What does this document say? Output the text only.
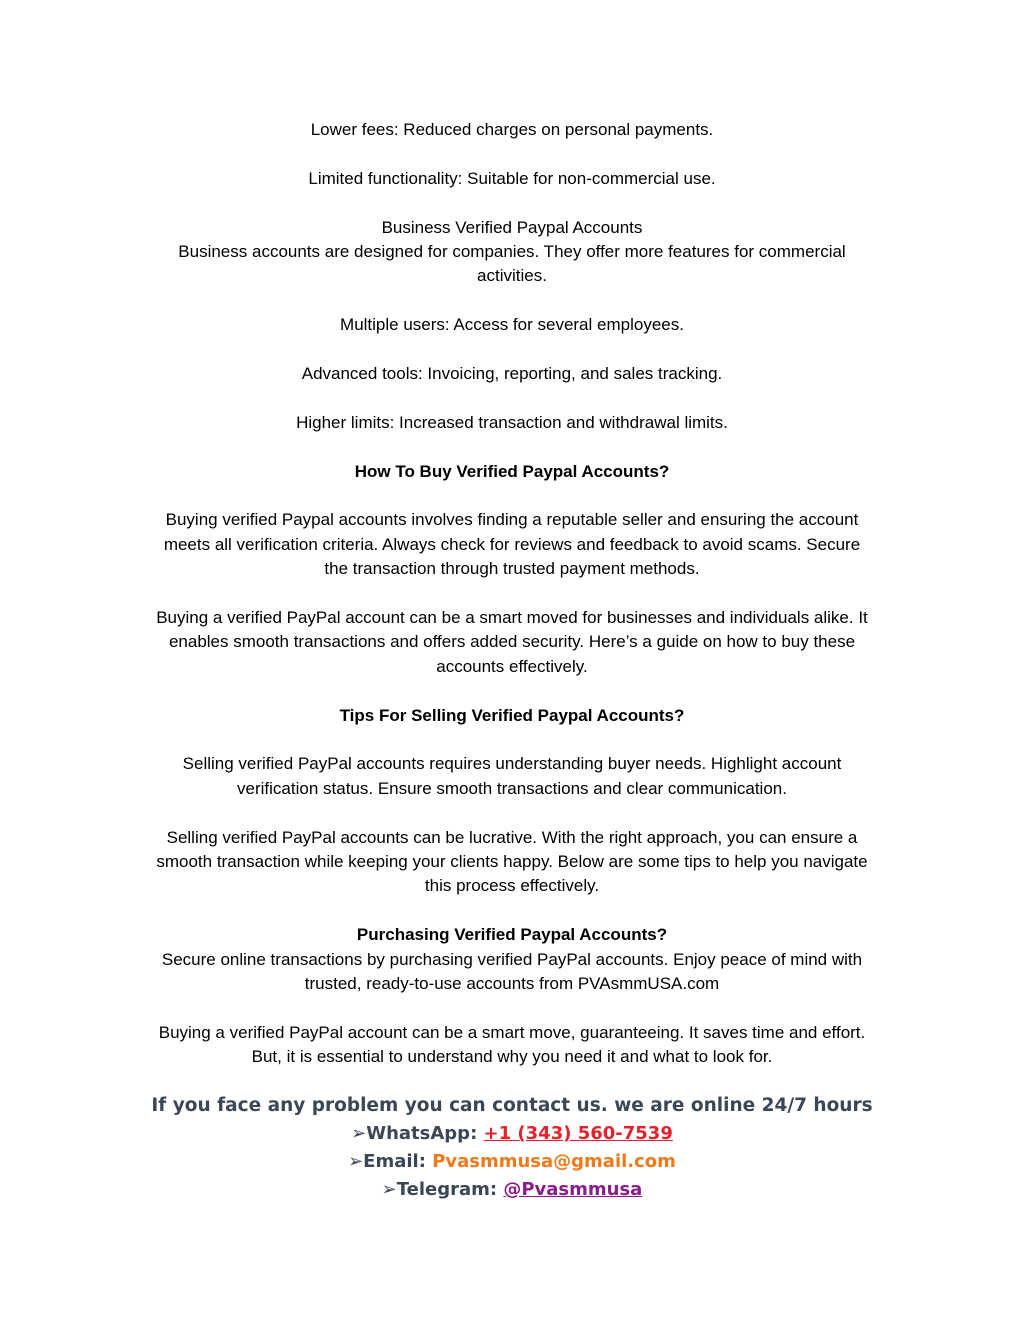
Lower fees: Reduced charges on personal payments.

Limited functionality: Suitable for non-commercial use.

Business Verified Paypal Accounts
Business accounts are designed for companies. They offer more features for commercial
activities.

Multiple users: Access for several employees.

Advanced tools: Invoicing, reporting, and sales tracking.

Higher limits: Increased transaction and withdrawal limits.

How To Buy Verified Paypal Accounts?

Buying verified Paypal accounts involves finding a reputable seller and ensuring the account
meets all verification criteria. Always check for reviews and feedback to avoid scams. Secure
the transaction through trusted payment methods.

Buying a verified PayPal account can be a smart moved for businesses and individuals alike. It
enables smooth transactions and offers added security. Here’s a guide on how to buy these
accounts effectively.

Tips For Selling Verified Paypal Accounts?

Selling verified PayPal accounts requires understanding buyer needs. Highlight account
verification status. Ensure smooth transactions and clear communication.

Selling verified PayPal accounts can be lucrative. With the right approach, you can ensure a
smooth transaction while keeping your clients happy. Below are some tips to help you navigate
this process effectively.

Purchasing Verified Paypal Accounts?

Secure online transactions by purchasing verified PayPal accounts. Enjoy peace of mind with
trusted, ready-to-use accounts from PVAsmmUSA.com

Buying a verified PayPal account can be a smart move, guaranteeing. It saves time and effort.
But, it is essential to understand why you need it and what to look for.

If you face any problem you can contact us. we are online 24/7 hours
➢WhatsApp: +1 (343) 560-7539
➢Email: Pvasmmusa@gmail.com
➢Telegram: @Pvasmmusa
